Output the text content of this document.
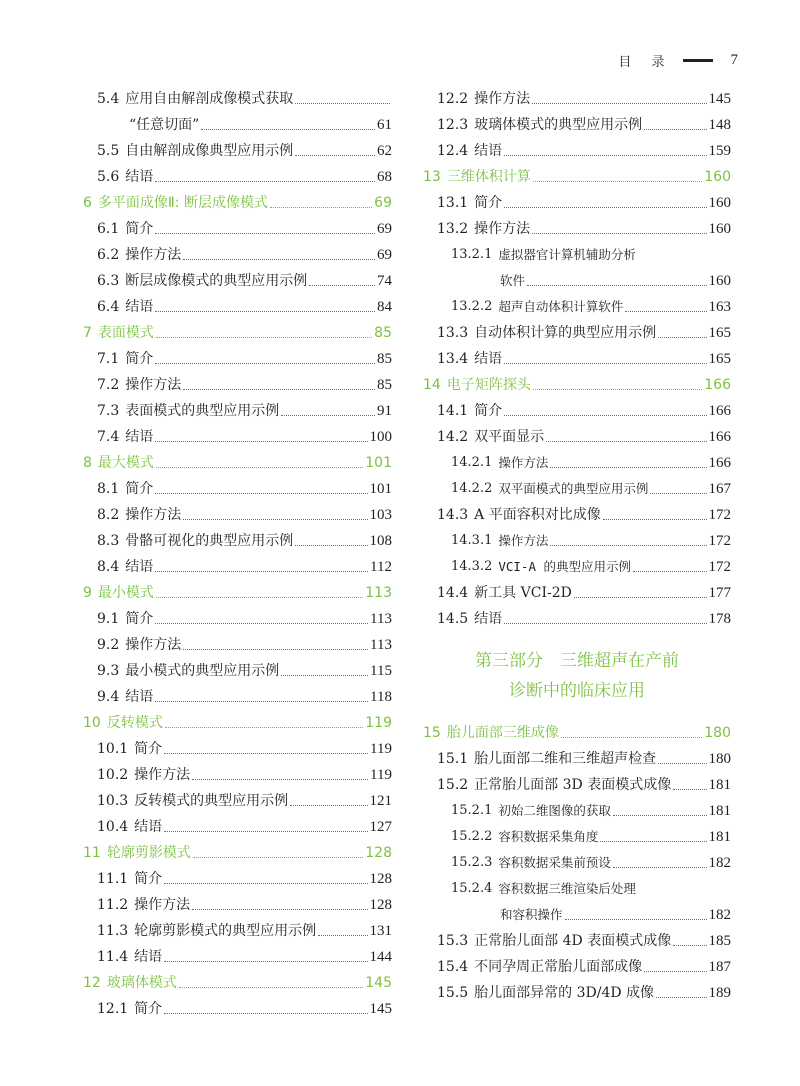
目 录	7
5.4 应用自由解剖成像模式获取
“任意切面”	61
5.5 自由解剖成像典型应用示例	62
5.6 结语	68
6 多平面成像Ⅱ: 断层成像模式	69
6.1 简介	69
6.2 操作方法	69
6.3 断层成像模式的典型应用示例	74
6.4 结语	84
7 表面模式	85
7.1 简介	85
7.2 操作方法	85
7.3 表面模式的典型应用示例	91
7.4 结语	100
8 最大模式	101
8.1 简介	101
8.2 操作方法	103
8.3 骨骼可视化的典型应用示例	108
8.4 结语	112
9 最小模式	113
9.1 简介	113
9.2 操作方法	113
9.3 最小模式的典型应用示例	115
9.4 结语	118
10 反转模式	119
10.1 简介	119
10.2 操作方法	119
10.3 反转模式的典型应用示例	121
10.4 结语	127
11 轮廓剪影模式	128
11.1 简介	128
11.2 操作方法	128
11.3 轮廓剪影模式的典型应用示例	131
11.4 结语	144
12 玻璃体模式	145
12.1 简介	145
12.2 操作方法	145
12.3 玻璃体模式的典型应用示例	148
12.4 结语	159
13 三维体积计算	160
13.1 简介	160
13.2 操作方法	160
13.2.1 虚拟器官计算机辅助分析
软件	160
13.2.2 超声自动体积计算软件	163
13.3 自动体积计算的典型应用示例	165
13.4 结语	165
14 电子矩阵探头	166
14.1 简介	166
14.2 双平面显示	166
14.2.1 操作方法	166
14.2.2 双平面模式的典型应用示例	167
14.3 A 平面容积对比成像	172
14.3.1 操作方法	172
14.3.2 VCI-A 的典型应用示例	172
14.4 新工具 VCI-2D	177
14.5 结语	178
第三部分　三维超声在产前
诊断中的临床应用
15 胎儿面部三维成像	180
15.1 胎儿面部二维和三维超声检查	180
15.2 正常胎儿面部 3D 表面模式成像 181
15.2.1 初始二维图像的获取	181
15.2.2 容积数据采集角度	181
15.2.3 容积数据采集前预设	182
15.2.4 容积数据三维渲染后处理
和容积操作	182
15.3 正常胎儿面部 4D 表面模式成像 185
15.4 不同孕周正常胎儿面部成像	187
15.5 胎儿面部异常的 3D/4D 成像	189
